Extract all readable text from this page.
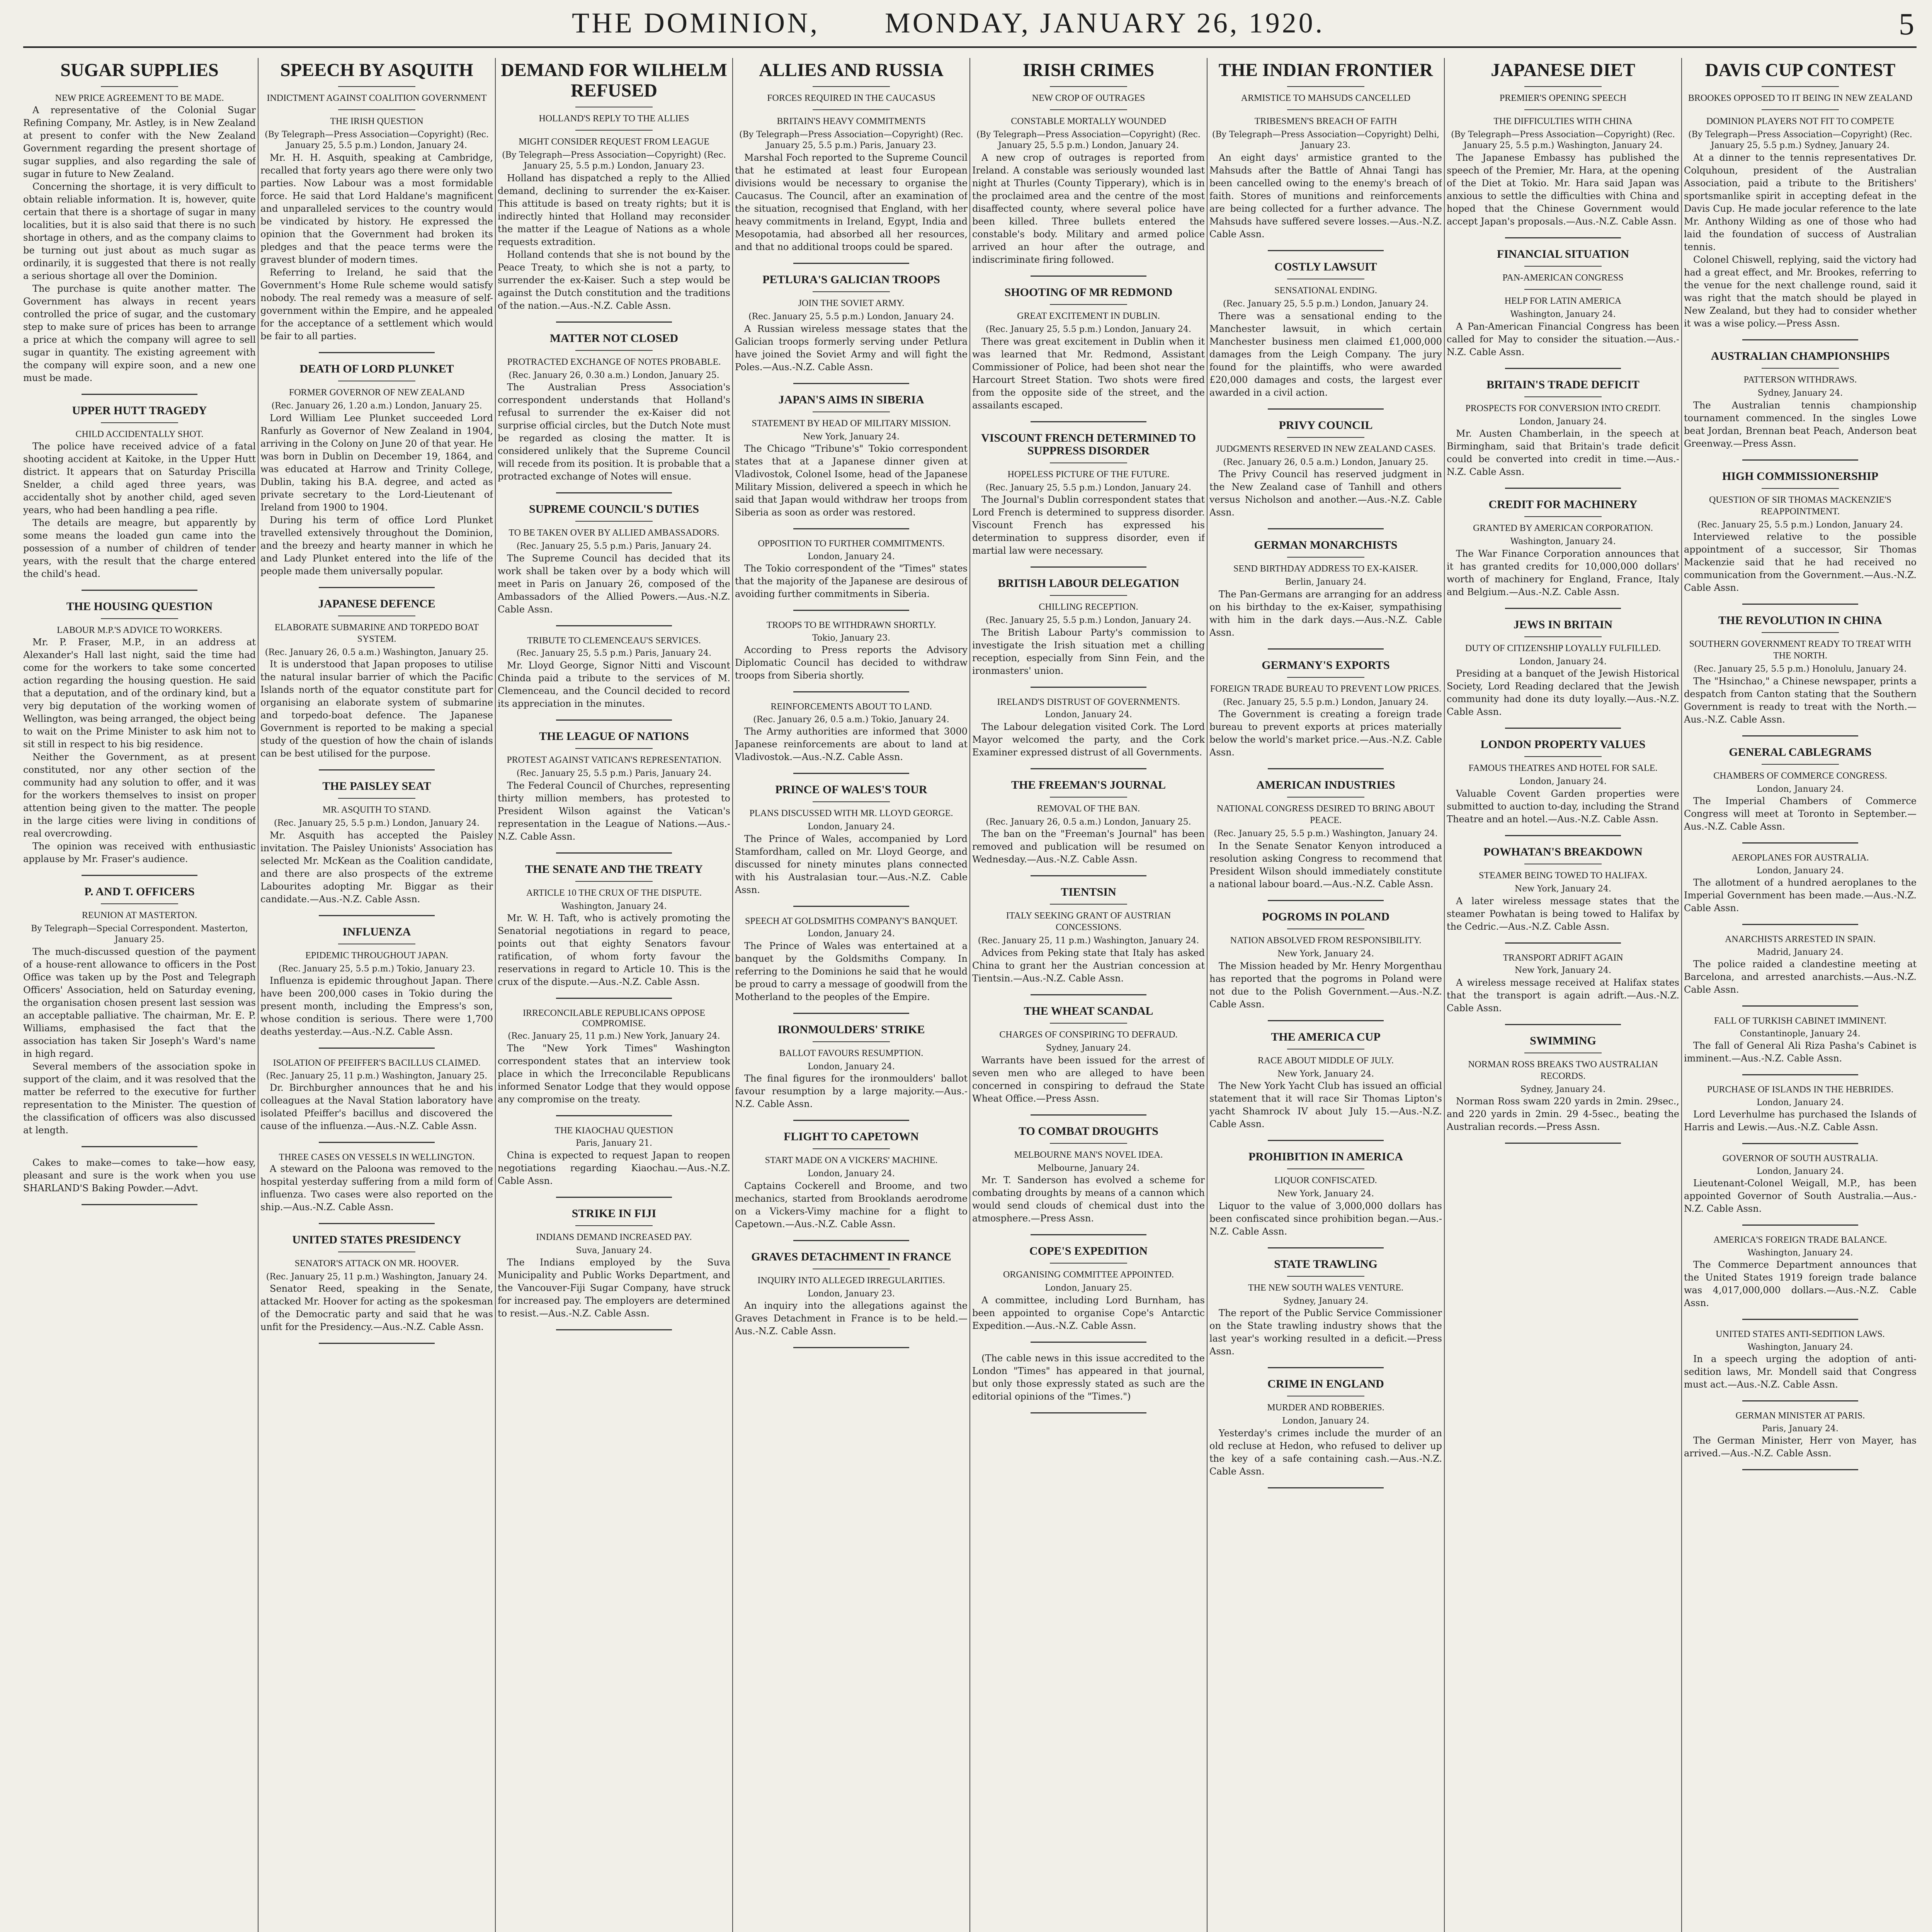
THE DOMINION, MONDAY, JANUARY 26, 1920.	5
SUGAR SUPPLIES
NEW PRICE AGREEMENT TO BE MADE.

A representative of the Colonial Sugar Refining Company, Mr. Astley, is in New Zealand at present to confer with the New Zealand Government regarding the present shortage of sugar supplies, and also regarding the sale of sugar in future to New Zealand.

Concerning the shortage, it is very difficult to obtain reliable information. It is, however, quite certain that there is a shortage of sugar in many localities, but it is also said that there is no such shortage in others, and as the company claims to be turning out just about as much sugar as ordinarily, it is suggested that there is not really a serious shortage all over the Dominion.

The purchase is quite another matter. The Government has always in recent years controlled the price of sugar, and the customary step to make sure of prices has been to arrange a price at which the company will agree to sell sugar in quantity. The existing agreement with the company will expire soon, and a new one must be made.

UPPER HUTT TRAGEDY
CHILD ACCIDENTALLY SHOT.

The police have received advice of a fatal shooting accident at Kaitoke, in the Upper Hutt district. It appears that on Saturday Priscilla Snelder, a child aged three years, was accidentally shot by another child, aged seven years, who had been handling a pea rifle.

The details are meagre, but apparently by some means the loaded gun came into the possession of a number of children of tender years, with the result that the charge entered the child's head.

THE HOUSING QUESTION
LABOUR M.P.'S ADVICE TO WORKERS.

Mr. P. Fraser, M.P., in an address at Alexander's Hall last night, said the time had come for the workers to take some concerted action regarding the housing question. He said that a deputation, and of the ordinary kind, but a very big deputation of the working women of Wellington, was being arranged, the object being to wait on the Prime Minister to ask him not to sit still in respect to his big residence.

Neither the Government, as at present constituted, nor any other section of the community had any solution to offer, and it was for the workers themselves to insist on proper attention being given to the matter. The people in the large cities were living in conditions of real overcrowding.

The opinion was received with enthusiastic applause by Mr. Fraser's audience.

P. AND T. OFFICERS
REUNION AT MASTERTON.
By Telegraph—Special Correspondent. Masterton, January 25.

The much-discussed question of the payment of a house-rent allowance to officers in the Post Office was taken up by the Post and Telegraph Officers' Association, held on Saturday evening, the organisation chosen present last session was an acceptable palliative. The chairman, Mr. E. P. Williams, emphasised the fact that the association has taken Sir Joseph's Ward's name in high regard.

Several members of the association spoke in support of the claim, and it was resolved that the matter be referred to the executive for further representation to the Minister. The question of the classification of officers was also discussed at length.

Cakes to make—comes to take—how easy, pleasant and sure is the work when you use SHARLAND'S Baking Powder.—Advt.

SPEECH BY ASQUITH
INDICTMENT AGAINST COALITION GOVERNMENT
THE IRISH QUESTION
(By Telegraph—Press Association—Copyright) (Rec. January 25, 5.5 p.m.) London, January 24.

Mr. H. H. Asquith, speaking at Cambridge, recalled that forty years ago there were only two parties. Now Labour was a most formidable force. He said that Lord Haldane's magnificent and unparalleled services to the country would be vindicated by history. He expressed the opinion that the Government had broken its pledges and that the peace terms were the gravest blunder of modern times.

Referring to Ireland, he said that the Government's Home Rule scheme would satisfy nobody. The real remedy was a measure of self-government within the Empire, and he appealed for the acceptance of a settlement which would be fair to all parties.

DEATH OF LORD PLUNKET
FORMER GOVERNOR OF NEW ZEALAND
(Rec. January 26, 1.20 a.m.) London, January 25.

Lord William Lee Plunket succeeded Lord Ranfurly as Governor of New Zealand in 1904, arriving in the Colony on June 20 of that year. He was born in Dublin on December 19, 1864, and was educated at Harrow and Trinity College, Dublin, taking his B.A. degree, and acted as private secretary to the Lord-Lieutenant of Ireland from 1900 to 1904.

During his term of office Lord Plunket travelled extensively throughout the Dominion, and the breezy and hearty manner in which he and Lady Plunket entered into the life of the people made them universally popular.

JAPANESE DEFENCE
ELABORATE SUBMARINE AND TORPEDO BOAT SYSTEM.
(Rec. January 26, 0.5 a.m.) Washington, January 25.

It is understood that Japan proposes to utilise the natural insular barrier of which the Pacific Islands north of the equator constitute part for organising an elaborate system of submarine and torpedo-boat defence. The Japanese Government is reported to be making a special study of the question of how the chain of islands can be best utilised for the purpose.

THE PAISLEY SEAT
MR. ASQUITH TO STAND.
(Rec. January 25, 5.5 p.m.) London, January 24.

Mr. Asquith has accepted the Paisley invitation. The Paisley Unionists' Association has selected Mr. McKean as the Coalition candidate, and there are also prospects of the extreme Labourites adopting Mr. Biggar as their candidate.—Aus.-N.Z. Cable Assn.

INFLUENZA
EPIDEMIC THROUGHOUT JAPAN.
(Rec. January 25, 5.5 p.m.) Tokio, January 23.

Influenza is epidemic throughout Japan. There have been 200,000 cases in Tokio during the present month, including the Empress's son, whose condition is serious. There were 1,700 deaths yesterday.—Aus.-N.Z. Cable Assn.

ISOLATION OF PFEIFFER'S BACILLUS CLAIMED.
(Rec. January 25, 11 p.m.) Washington, January 25.

Dr. Birchburgher announces that he and his colleagues at the Naval Station laboratory have isolated Pfeiffer's bacillus and discovered the cause of the influenza.—Aus.-N.Z. Cable Assn.

THREE CASES ON VESSELS IN WELLINGTON.

A steward on the Paloona was removed to the hospital yesterday suffering from a mild form of influenza. Two cases were also reported on the ship.—Aus.-N.Z. Cable Assn.

UNITED STATES PRESIDENCY
SENATOR'S ATTACK ON MR. HOOVER.
(Rec. January 25, 11 p.m.) Washington, January 24.

Senator Reed, speaking in the Senate, attacked Mr. Hoover for acting as the spokesman of the Democratic party and said that he was unfit for the Presidency.—Aus.-N.Z. Cable Assn.

DEMAND FOR WILHELM REFUSED
HOLLAND'S REPLY TO THE ALLIES
MIGHT CONSIDER REQUEST FROM LEAGUE
(By Telegraph—Press Association—Copyright) (Rec. January 25, 5.5 p.m.) London, January 23.

Holland has dispatched a reply to the Allied demand, declining to surrender the ex-Kaiser. This attitude is based on treaty rights; but it is indirectly hinted that Holland may reconsider the matter if the League of Nations as a whole requests extradition.

Holland contends that she is not bound by the Peace Treaty, to which she is not a party, to surrender the ex-Kaiser. Such a step would be against the Dutch constitution and the traditions of the nation.—Aus.-N.Z. Cable Assn.

MATTER NOT CLOSED
PROTRACTED EXCHANGE OF NOTES PROBABLE.
(Rec. January 26, 0.30 a.m.) London, January 25.

The Australian Press Association's correspondent understands that Holland's refusal to surrender the ex-Kaiser did not surprise official circles, but the Dutch Note must be regarded as closing the matter. It is considered unlikely that the Supreme Council will recede from its position. It is probable that a protracted exchange of Notes will ensue.

SUPREME COUNCIL'S DUTIES
TO BE TAKEN OVER BY ALLIED AMBASSADORS.
(Rec. January 25, 5.5 p.m.) Paris, January 24.

The Supreme Council has decided that its work shall be taken over by a body which will meet in Paris on January 26, composed of the Ambassadors of the Allied Powers.—Aus.-N.Z. Cable Assn.

TRIBUTE TO CLEMENCEAU'S SERVICES.
(Rec. January 25, 5.5 p.m.) Paris, January 24.

Mr. Lloyd George, Signor Nitti and Viscount Chinda paid a tribute to the services of M. Clemenceau, and the Council decided to record its appreciation in the minutes.

THE LEAGUE OF NATIONS
PROTEST AGAINST VATICAN'S REPRESENTATION.
(Rec. January 25, 5.5 p.m.) Paris, January 24.

The Federal Council of Churches, representing thirty million members, has protested to President Wilson against the Vatican's representation in the League of Nations.—Aus.-N.Z. Cable Assn.

THE SENATE AND THE TREATY
ARTICLE 10 THE CRUX OF THE DISPUTE.
Washington, January 24.

Mr. W. H. Taft, who is actively promoting the Senatorial negotiations in regard to peace, points out that eighty Senators favour ratification, of whom forty favour the reservations in regard to Article 10. This is the crux of the dispute.—Aus.-N.Z. Cable Assn.

IRRECONCILABLE REPUBLICANS OPPOSE COMPROMISE.
(Rec. January 25, 11 p.m.) New York, January 24.

The "New York Times" Washington correspondent states that an interview took place in which the Irreconcilable Republicans informed Senator Lodge that they would oppose any compromise on the treaty.

THE KIAOCHAU QUESTION
Paris, January 21.

China is expected to request Japan to reopen negotiations regarding Kiaochau.—Aus.-N.Z. Cable Assn.

STRIKE IN FIJI
INDIANS DEMAND INCREASED PAY.
Suva, January 24.

The Indians employed by the Suva Municipality and Public Works Department, and the Vancouver-Fiji Sugar Company, have struck for increased pay. The employers are determined to resist.—Aus.-N.Z. Cable Assn.

ALLIES AND RUSSIA
FORCES REQUIRED IN THE CAUCASUS
BRITAIN'S HEAVY COMMITMENTS
(By Telegraph—Press Association—Copyright) (Rec. January 25, 5.5 p.m.) Paris, January 23.

Marshal Foch reported to the Supreme Council that he estimated at least four European divisions would be necessary to organise the Caucasus. The Council, after an examination of the situation, recognised that England, with her heavy commitments in Ireland, Egypt, India and Mesopotamia, had absorbed all her resources, and that no additional troops could be spared.

PETLURA'S GALICIAN TROOPS
JOIN THE SOVIET ARMY.
(Rec. January 25, 5.5 p.m.) London, January 24.

A Russian wireless message states that the Galician troops formerly serving under Petlura have joined the Soviet Army and will fight the Poles.—Aus.-N.Z. Cable Assn.

JAPAN'S AIMS IN SIBERIA
STATEMENT BY HEAD OF MILITARY MISSION.
New York, January 24.

The Chicago "Tribune's" Tokio correspondent states that at a Japanese dinner given at Vladivostok, Colonel Isome, head of the Japanese Military Mission, delivered a speech in which he said that Japan would withdraw her troops from Siberia as soon as order was restored.

OPPOSITION TO FURTHER COMMITMENTS.
London, January 24.

The Tokio correspondent of the "Times" states that the majority of the Japanese are desirous of avoiding further commitments in Siberia.

TROOPS TO BE WITHDRAWN SHORTLY.
Tokio, January 23.

According to Press reports the Advisory Diplomatic Council has decided to withdraw troops from Siberia shortly.

REINFORCEMENTS ABOUT TO LAND.
(Rec. January 26, 0.5 a.m.) Tokio, January 24.

The Army authorities are informed that 3000 Japanese reinforcements are about to land at Vladivostok.—Aus.-N.Z. Cable Assn.

PRINCE OF WALES'S TOUR
PLANS DISCUSSED WITH MR. LLOYD GEORGE.
London, January 24.

The Prince of Wales, accompanied by Lord Stamfordham, called on Mr. Lloyd George, and discussed for ninety minutes plans connected with his Australasian tour.—Aus.-N.Z. Cable Assn.

SPEECH AT GOLDSMITHS COMPANY'S BANQUET.
London, January 24.

The Prince of Wales was entertained at a banquet by the Goldsmiths Company. In referring to the Dominions he said that he would be proud to carry a message of goodwill from the Motherland to the peoples of the Empire.

IRONMOULDERS' STRIKE
BALLOT FAVOURS RESUMPTION.
London, January 24.

The final figures for the ironmoulders' ballot favour resumption by a large majority.—Aus.-N.Z. Cable Assn.

FLIGHT TO CAPETOWN
START MADE ON A VICKERS' MACHINE.
London, January 24.

Captains Cockerell and Broome, and two mechanics, started from Brooklands aerodrome on a Vickers-Vimy machine for a flight to Capetown.—Aus.-N.Z. Cable Assn.

GRAVES DETACHMENT IN FRANCE
INQUIRY INTO ALLEGED IRREGULARITIES.
London, January 23.

An inquiry into the allegations against the Graves Detachment in France is to be held.—Aus.-N.Z. Cable Assn.

IRISH CRIMES
NEW CROP OF OUTRAGES
CONSTABLE MORTALLY WOUNDED
(By Telegraph—Press Association—Copyright) (Rec. January 25, 5.5 p.m.) London, January 24.

A new crop of outrages is reported from Ireland. A constable was seriously wounded last night at Thurles (County Tipperary), which is in the proclaimed area and the centre of the most disaffected county, where several police have been killed. Three bullets entered the constable's body. Military and armed police arrived an hour after the outrage, and indiscriminate firing followed.

SHOOTING OF MR REDMOND
GREAT EXCITEMENT IN DUBLIN.
(Rec. January 25, 5.5 p.m.) London, January 24.

There was great excitement in Dublin when it was learned that Mr. Redmond, Assistant Commissioner of Police, had been shot near the Harcourt Street Station. Two shots were fired from the opposite side of the street, and the assailants escaped.

VISCOUNT FRENCH DETERMINED TO SUPPRESS DISORDER
HOPELESS PICTURE OF THE FUTURE.
(Rec. January 25, 5.5 p.m.) London, January 24.

The Journal's Dublin correspondent states that Lord French is determined to suppress disorder. Viscount French has expressed his determination to suppress disorder, even if martial law were necessary.

BRITISH LABOUR DELEGATION
CHILLING RECEPTION.
(Rec. January 25, 5.5 p.m.) London, January 24.

The British Labour Party's commission to investigate the Irish situation met a chilling reception, especially from Sinn Fein, and the ironmasters' union.

IRELAND'S DISTRUST OF GOVERNMENTS.
London, January 24.

The Labour delegation visited Cork. The Lord Mayor welcomed the party, and the Cork Examiner expressed distrust of all Governments.

THE FREEMAN'S JOURNAL
REMOVAL OF THE BAN.
(Rec. January 26, 0.5 a.m.) London, January 25.

The ban on the "Freeman's Journal" has been removed and publication will be resumed on Wednesday.—Aus.-N.Z. Cable Assn.

TIENTSIN
ITALY SEEKING GRANT OF AUSTRIAN CONCESSIONS.
(Rec. January 25, 11 p.m.) Washington, January 24.

Advices from Peking state that Italy has asked China to grant her the Austrian concession at Tientsin.—Aus.-N.Z. Cable Assn.

THE WHEAT SCANDAL
CHARGES OF CONSPIRING TO DEFRAUD.
Sydney, January 24.

Warrants have been issued for the arrest of seven men who are alleged to have been concerned in conspiring to defraud the State Wheat Office.—Press Assn.

TO COMBAT DROUGHTS
MELBOURNE MAN'S NOVEL IDEA.
Melbourne, January 24.

Mr. T. Sanderson has evolved a scheme for combating droughts by means of a cannon which would send clouds of chemical dust into the atmosphere.—Press Assn.

COPE'S EXPEDITION
ORGANISING COMMITTEE APPOINTED.
London, January 25.

A committee, including Lord Burnham, has been appointed to organise Cope's Antarctic Expedition.—Aus.-N.Z. Cable Assn.

(The cable news in this issue accredited to the London "Times" has appeared in that journal, but only those expressly stated as such are the editorial opinions of the "Times.")

THE INDIAN FRONTIER
ARMISTICE TO MAHSUDS CANCELLED
TRIBESMEN'S BREACH OF FAITH
(By Telegraph—Press Association—Copyright) Delhi, January 23.

An eight days' armistice granted to the Mahsuds after the Battle of Ahnai Tangi has been cancelled owing to the enemy's breach of faith. Stores of munitions and reinforcements are being collected for a further advance. The Mahsuds have suffered severe losses.—Aus.-N.Z. Cable Assn.

COSTLY LAWSUIT
SENSATIONAL ENDING.
(Rec. January 25, 5.5 p.m.) London, January 24.

There was a sensational ending to the Manchester lawsuit, in which certain Manchester business men claimed £1,000,000 damages from the Leigh Company. The jury found for the plaintiffs, who were awarded £20,000 damages and costs, the largest ever awarded in a civil action.

PRIVY COUNCIL
JUDGMENTS RESERVED IN NEW ZEALAND CASES.
(Rec. January 26, 0.5 a.m.) London, January 25.

The Privy Council has reserved judgment in the New Zealand case of Tanhill and others versus Nicholson and another.—Aus.-N.Z. Cable Assn.

GERMAN MONARCHISTS
SEND BIRTHDAY ADDRESS TO EX-KAISER.
Berlin, January 24.

The Pan-Germans are arranging for an address on his birthday to the ex-Kaiser, sympathising with him in the dark days.—Aus.-N.Z. Cable Assn.

GERMANY'S EXPORTS
FOREIGN TRADE BUREAU TO PREVENT LOW PRICES.
(Rec. January 25, 5.5 p.m.) London, January 24.

The Government is creating a foreign trade bureau to prevent exports at prices materially below the world's market price.—Aus.-N.Z. Cable Assn.

AMERICAN INDUSTRIES
NATIONAL CONGRESS DESIRED TO BRING ABOUT PEACE.
(Rec. January 25, 5.5 p.m.) Washington, January 24.

In the Senate Senator Kenyon introduced a resolution asking Congress to recommend that President Wilson should immediately constitute a national labour board.—Aus.-N.Z. Cable Assn.

POGROMS IN POLAND
NATION ABSOLVED FROM RESPONSIBILITY.
New York, January 24.

The Mission headed by Mr. Henry Morgenthau has reported that the pogroms in Poland were not due to the Polish Government.—Aus.-N.Z. Cable Assn.

THE AMERICA CUP
RACE ABOUT MIDDLE OF JULY.
New York, January 24.

The New York Yacht Club has issued an official statement that it will race Sir Thomas Lipton's yacht Shamrock IV about July 15.—Aus.-N.Z. Cable Assn.

PROHIBITION IN AMERICA
LIQUOR CONFISCATED.
New York, January 24.

Liquor to the value of 3,000,000 dollars has been confiscated since prohibition began.—Aus.-N.Z. Cable Assn.

STATE TRAWLING
THE NEW SOUTH WALES VENTURE.
Sydney, January 24.

The report of the Public Service Commissioner on the State trawling industry shows that the last year's working resulted in a deficit.—Press Assn.

CRIME IN ENGLAND
MURDER AND ROBBERIES.
London, January 24.

Yesterday's crimes include the murder of an old recluse at Hedon, who refused to deliver up the key of a safe containing cash.—Aus.-N.Z. Cable Assn.

JAPANESE DIET
PREMIER'S OPENING SPEECH
THE DIFFICULTIES WITH CHINA
(By Telegraph—Press Association—Copyright) (Rec. January 25, 5.5 p.m.) Washington, January 24.

The Japanese Embassy has published the speech of the Premier, Mr. Hara, at the opening of the Diet at Tokio. Mr. Hara said Japan was anxious to settle the difficulties with China and hoped that the Chinese Government would accept Japan's proposals.—Aus.-N.Z. Cable Assn.

FINANCIAL SITUATION
PAN-AMERICAN CONGRESS
HELP FOR LATIN AMERICA
Washington, January 24.

A Pan-American Financial Congress has been called for May to consider the situation.—Aus.-N.Z. Cable Assn.

BRITAIN'S TRADE DEFICIT
PROSPECTS FOR CONVERSION INTO CREDIT.
London, January 24.

Mr. Austen Chamberlain, in the speech at Birmingham, said that Britain's trade deficit could be converted into credit in time.—Aus.-N.Z. Cable Assn.

CREDIT FOR MACHINERY
GRANTED BY AMERICAN CORPORATION.
Washington, January 24.

The War Finance Corporation announces that it has granted credits for 10,000,000 dollars' worth of machinery for England, France, Italy and Belgium.—Aus.-N.Z. Cable Assn.

JEWS IN BRITAIN
DUTY OF CITIZENSHIP LOYALLY FULFILLED.
London, January 24.

Presiding at a banquet of the Jewish Historical Society, Lord Reading declared that the Jewish community had done its duty loyally.—Aus.-N.Z. Cable Assn.

LONDON PROPERTY VALUES
FAMOUS THEATRES AND HOTEL FOR SALE.
London, January 24.

Valuable Covent Garden properties were submitted to auction to-day, including the Strand Theatre and an hotel.—Aus.-N.Z. Cable Assn.

POWHATAN'S BREAKDOWN
STEAMER BEING TOWED TO HALIFAX.
New York, January 24.

A later wireless message states that the steamer Powhatan is being towed to Halifax by the Cedric.—Aus.-N.Z. Cable Assn.

TRANSPORT ADRIFT AGAIN
New York, January 24.

A wireless message received at Halifax states that the transport is again adrift.—Aus.-N.Z. Cable Assn.

SWIMMING
NORMAN ROSS BREAKS TWO AUSTRALIAN RECORDS.
Sydney, January 24.

Norman Ross swam 220 yards in 2min. 29sec., and 220 yards in 2min. 29 4-5sec., beating the Australian records.—Press Assn.

DAVIS CUP CONTEST
BROOKES OPPOSED TO IT BEING IN NEW ZEALAND
DOMINION PLAYERS NOT FIT TO COMPETE
(By Telegraph—Press Association—Copyright) (Rec. January 25, 5.5 p.m.) Sydney, January 24.

At a dinner to the tennis representatives Dr. Colquhoun, president of the Australian Association, paid a tribute to the Britishers' sportsmanlike spirit in accepting defeat in the Davis Cup. He made jocular reference to the late Mr. Anthony Wilding as one of those who had laid the foundation of success of Australian tennis.

Colonel Chiswell, replying, said the victory had had a great effect, and Mr. Brookes, referring to the venue for the next challenge round, said it was right that the match should be played in New Zealand, but they had to consider whether it was a wise policy.—Press Assn.

AUSTRALIAN CHAMPIONSHIPS
PATTERSON WITHDRAWS.
Sydney, January 24.

The Australian tennis championship tournament commenced. In the singles Lowe beat Jordan, Brennan beat Peach, Anderson beat Greenway.—Press Assn.

HIGH COMMISSIONERSHIP
QUESTION OF SIR THOMAS MACKENZIE'S REAPPOINTMENT.
(Rec. January 25, 5.5 p.m.) London, January 24.

Interviewed relative to the possible appointment of a successor, Sir Thomas Mackenzie said that he had received no communication from the Government.—Aus.-N.Z. Cable Assn.

THE REVOLUTION IN CHINA
SOUTHERN GOVERNMENT READY TO TREAT WITH THE NORTH.
(Rec. January 25, 5.5 p.m.) Honolulu, January 24.

The "Hsinchao," a Chinese newspaper, prints a despatch from Canton stating that the Southern Government is ready to treat with the North.—Aus.-N.Z. Cable Assn.

GENERAL CABLEGRAMS
CHAMBERS OF COMMERCE CONGRESS.
London, January 24.

The Imperial Chambers of Commerce Congress will meet at Toronto in September.—Aus.-N.Z. Cable Assn.

AEROPLANES FOR AUSTRALIA.
London, January 24.

The allotment of a hundred aeroplanes to the Imperial Government has been made.—Aus.-N.Z. Cable Assn.

ANARCHISTS ARRESTED IN SPAIN.
Madrid, January 24.

The police raided a clandestine meeting at Barcelona, and arrested anarchists.—Aus.-N.Z. Cable Assn.

FALL OF TURKISH CABINET IMMINENT.
Constantinople, January 24.

The fall of General Ali Riza Pasha's Cabinet is imminent.—Aus.-N.Z. Cable Assn.

PURCHASE OF ISLANDS IN THE HEBRIDES.
London, January 24.

Lord Leverhulme has purchased the Islands of Harris and Lewis.—Aus.-N.Z. Cable Assn.

GOVERNOR OF SOUTH AUSTRALIA.
London, January 24.

Lieutenant-Colonel Weigall, M.P., has been appointed Governor of South Australia.—Aus.-N.Z. Cable Assn.

AMERICA'S FOREIGN TRADE BALANCE.
Washington, January 24.

The Commerce Department announces that the United States 1919 foreign trade balance was 4,017,000,000 dollars.—Aus.-N.Z. Cable Assn.

UNITED STATES ANTI-SEDITION LAWS.
Washington, January 24.

In a speech urging the adoption of anti-sedition laws, Mr. Mondell said that Congress must act.—Aus.-N.Z. Cable Assn.

GERMAN MINISTER AT PARIS.
Paris, January 24.

The German Minister, Herr von Mayer, has arrived.—Aus.-N.Z. Cable Assn.
